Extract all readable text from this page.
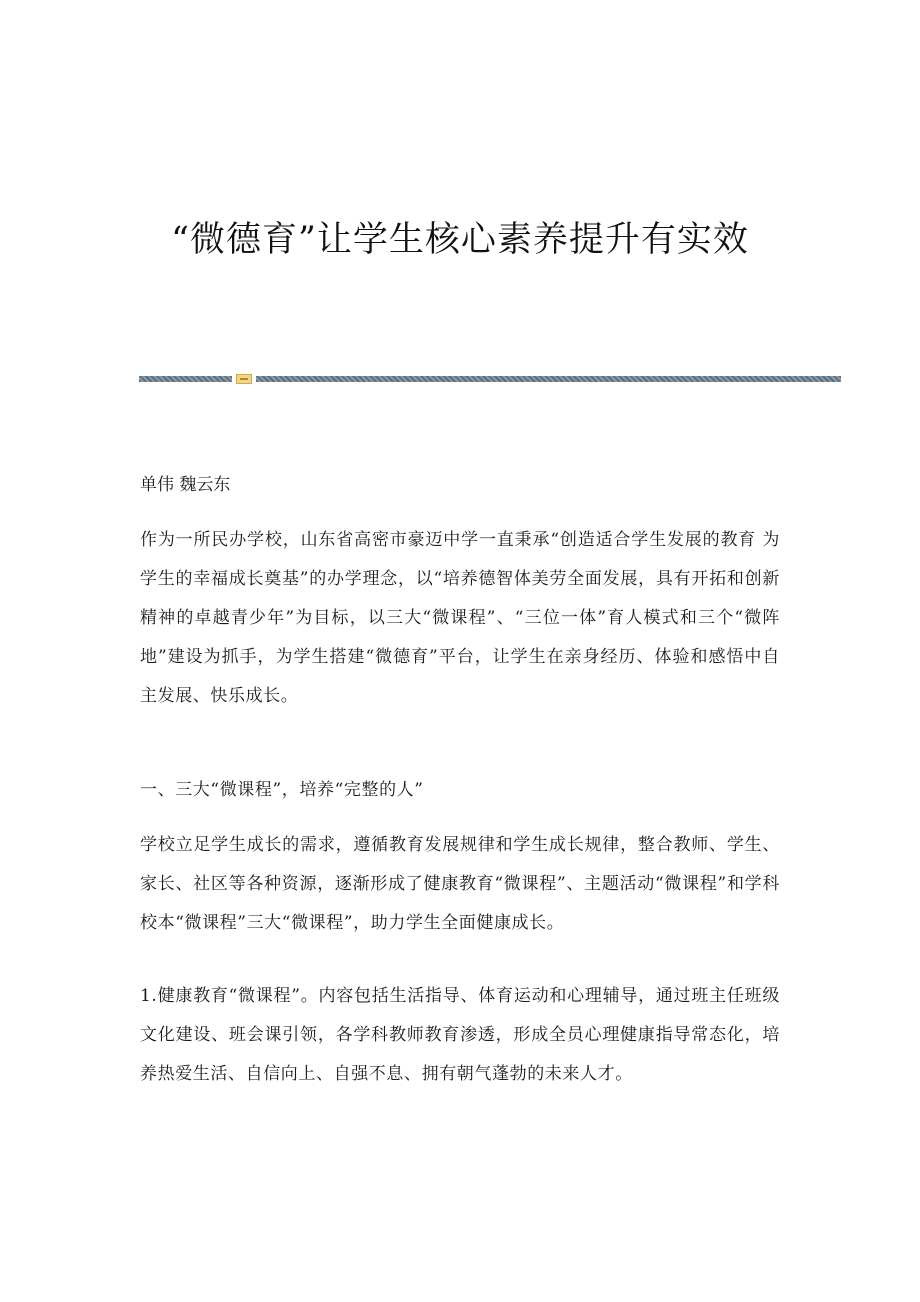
“微德育”让学生核心素养提升有实效

单伟 魏云东

作为一所民办学校，山东省高密市豪迈中学一直秉承“创造适合学生发展的教育 为学生的幸福成长奠基”的办学理念，以“培养德智体美劳全面发展，具有开拓和创新精神的卓越青少年”为目标，以三大“微课程”、“三位一体”育人模式和三个“微阵地”建设为抓手，为学生搭建“微德育”平台，让学生在亲身经历、体验和感悟中自主发展、快乐成长。

一、三大“微课程”，培养“完整的人”

学校立足学生成长的需求，遵循教育发展规律和学生成长规律，整合教师、学生、家长、社区等各种资源，逐渐形成了健康教育“微课程”、主题活动“微课程”和学科校本“微课程”三大“微课程”，助力学生全面健康成长。

1.健康教育“微课程”。内容包括生活指导、体育运动和心理辅导，通过班主任班级文化建设、班会课引领，各学科教师教育渗透，形成全员心理健康指导常态化，培养热爱生活、自信向上、自强不息、拥有朝气蓬勃的未来人才。
